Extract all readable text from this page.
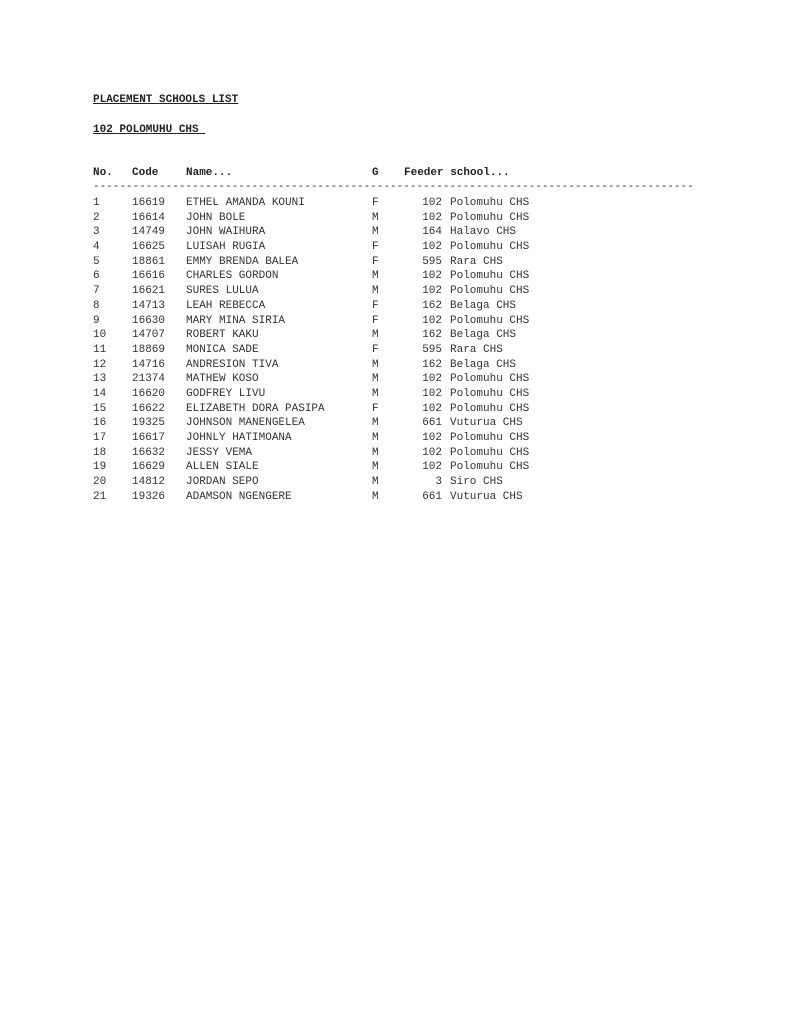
PLACEMENT SCHOOLS LIST
102 POLOMUHU CHS
No. Code	Name...	G Feeder school...
-------------------------------------------------------------------------------------------
1	16619	ETHEL AMANDA KOUNI	F	102 Polomuhu CHS
2	16614	JOHN BOLE	M	102 Polomuhu CHS
3	14749	JOHN WAIHURA	M	164 Halavo CHS
4	16625	LUISAH RUGIA	F	102 Polomuhu CHS
5	18861	EMMY BRENDA BALEA	F	595 Rara CHS
6	16616	CHARLES GORDON	M	102 Polomuhu CHS
7	16621	SURES LULUA	M	102 Polomuhu CHS
8	14713	LEAH REBECCA	F	162 Belaga CHS
9	16630	MARY MINA SIRIA	F	102 Polomuhu CHS
10	14707	ROBERT KAKU	M	162 Belaga CHS
11	18869	MONICA SADE	F	595 Rara CHS
12	14716	ANDRESION TIVA	M	162 Belaga CHS
13	21374	MATHEW KOSO	M	102 Polomuhu CHS
14	16620	GODFREY LIVU	M	102 Polomuhu CHS
15	16622	ELIZABETH DORA PASIPA	F	102 Polomuhu CHS
16	19325	JOHNSON MANENGELEA	M	661 Vuturua CHS
17	16617	JOHNLY HATIMOANA	M	102 Polomuhu CHS
18	16632	JESSY VEMA	M	102 Polomuhu CHS
19	16629	ALLEN SIALE	M	102 Polomuhu CHS
20	14812	JORDAN SEPO	M	3 Siro CHS
21	19326	ADAMSON NGENGERE	M	661 Vuturua CHS
